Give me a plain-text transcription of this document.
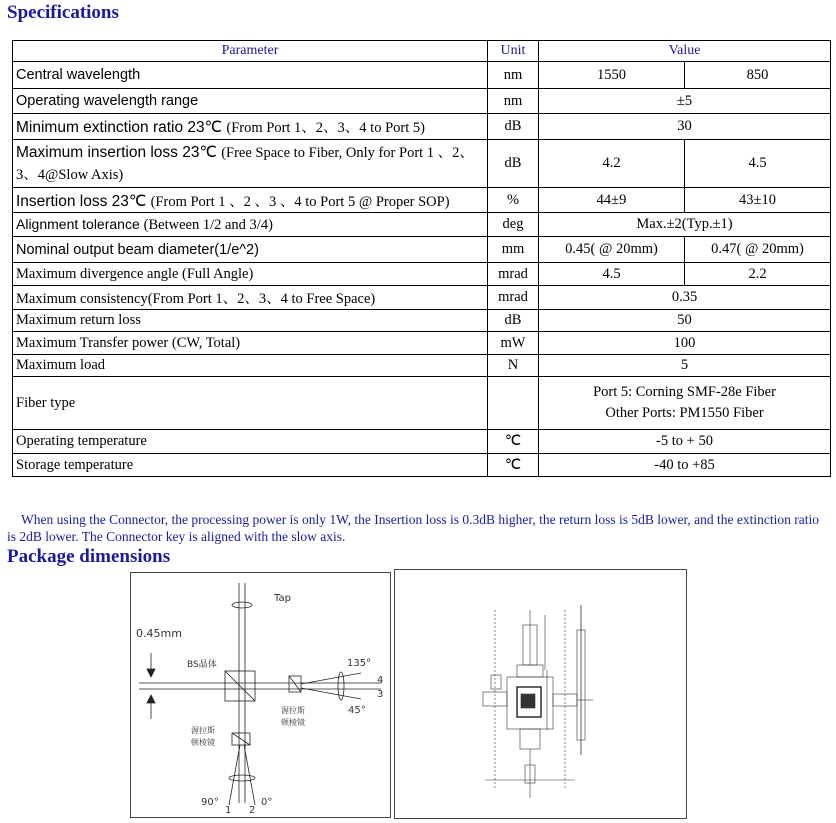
Specifications
Parameter	Unit	Value	
Central wavelength	nm	1550	850
Operating wavelength range	nm	±5	
Minimum extinction ratio 23℃ (From Port 1、2、3、4 to Port 5)	dB	30	
Maximum insertion loss 23℃ (Free Space to Fiber, Only for Port 1 、2、3、4@Slow Axis)	dB	4.2	4.5
Insertion loss 23℃ (From Port 1 、2 、3 、4 to Port 5 @ Proper SOP)	%	44±9	43±10
Alignment tolerance (Between 1/2 and 3/4)	deg	Max.±2(Typ.±1)	
Nominal output beam diameter(1/e^2)	mm	0.45( @ 20mm)	0.47( @ 20mm)
Maximum divergence angle (Full Angle)	mrad	4.5	2.2
Maximum consistency(From Port 1、2、3、4 to Free Space)	mrad	0.35	
Maximum return loss	dB	50	
Maximum Transfer power (CW, Total)	mW	100	
Maximum load	N	5	
Fiber type		Port 5: Corning SMF-28e Fiber
Other Ports: PM1550 Fiber	

Operating temperature	℃	-5 to + 50	
Storage temperature	℃	-40 to +85	

When using the Connector, the processing power is only 1W, the Insertion loss is 0.3dB higher, the return loss is 5dB lower, and the extinction ratio is 2dB lower. The Connector key is aligned with the slow axis.

Package dimensions
Tap
0.45mm
BS晶体
渥拉斯
顿棱镜
渥拉斯
顿棱镜
135°
45°
4
3
90°
1 2
0°
